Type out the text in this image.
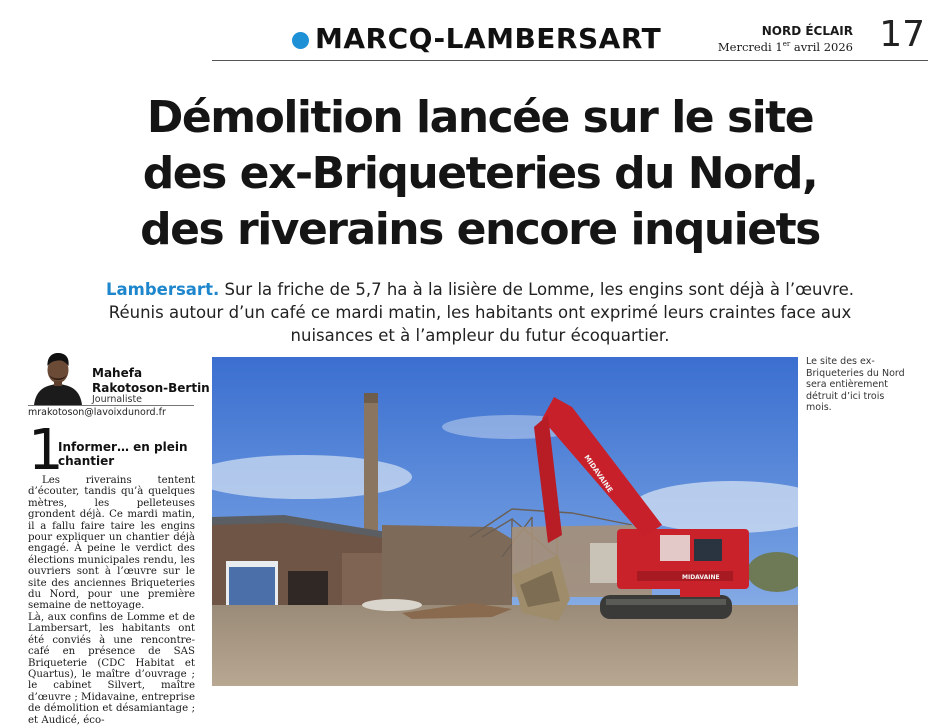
MARCQ-LAMBERSART	NORD ÉCLAIR
Mercredi 1er avril 2026 17
Démolition lancée sur le site
des ex-Briqueteries du Nord,
des riverains encore inquiets
Lambersart. Sur la friche de 5,7 ha à la lisière de Lomme, les engins sont déjà à l’œuvre. Réunis autour d’un café ce mardi matin, les habitants ont exprimé leurs craintes face aux nuisances et à l’ampleur du futur écoquartier.
Mahefa
Rakotoson-Bertin
Journaliste
mrakotoson@lavoixdunord.fr
1
Informer… en plein chantier

Les riverains tentent d’écouter, tandis qu’à quelques mètres, les pelleteuses grondent déjà. Ce mardi matin, il a fallu faire taire les engins pour expliquer un chantier déjà engagé. À peine le verdict des élections municipales rendu, les ouvriers sont à l’œuvre sur le site des anciennes Briqueteries du Nord, pour une première semaine de nettoyage.

Là, aux confins de Lomme et de Lambersart, les habitants ont été conviés à une rencontre-café en présence de SAS Briqueterie (CDC Habitat et Quartus), le maître d’ouvrage ; le cabinet Silvert, maître d’œuvre ; Midavaine, entreprise de démolition et désamiantage ; et Audicé, éco-

MIDAVAINE
MIDAVAINE
Le site des ex-Briqueteries du Nord sera entièrement détruit d’ici trois mois.
